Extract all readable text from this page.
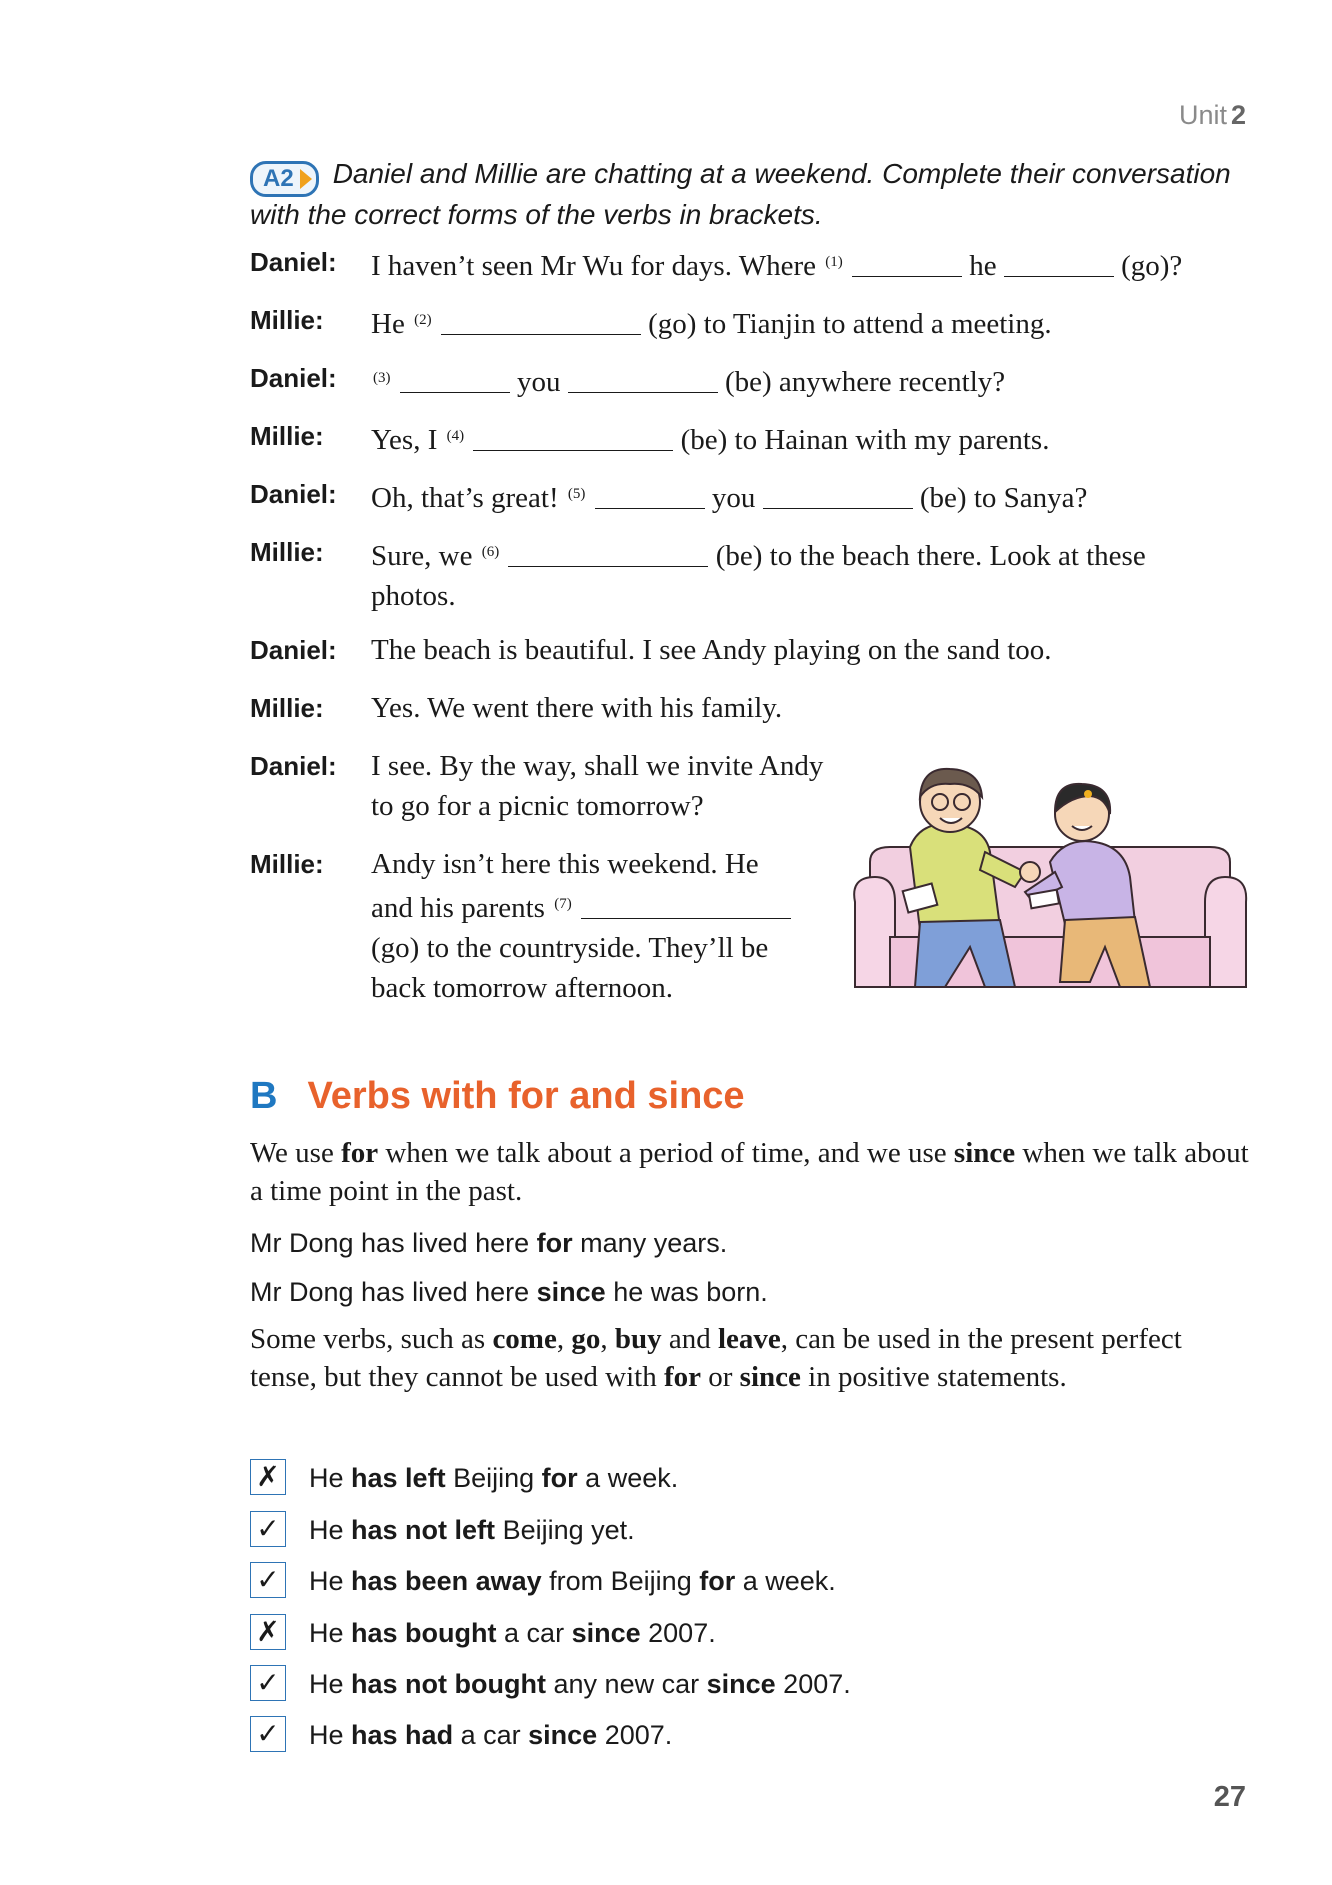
Unit 2
A2 Daniel and Millie are chatting at a weekend. Complete their conversation with the correct forms of the verbs in brackets.
Daniel: I haven’t seen Mr Wu for days. Where $^{(1)}$	he	(go)?
Millie: He $^{(2)}$	(go) to Tianjin to attend a meeting.
Daniel: $^{(3)}$	you	(be) anywhere recently?
Millie: Yes, I $^{(4)}$	(be) to Hainan with my parents.
Daniel: Oh, that’s great! $^{(5)}$	you	(be) to Sanya?
Millie: Sure, we $^{(6)}$	(be) to the beach there. Look at these
photos.
Daniel: The beach is beautiful. I see Andy playing on the sand too.
Millie: Yes. We went there with his family.
Daniel: I see. By the way, shall we invite Andy
to go for a picnic tomorrow?
Millie: Andy isn’t here this weekend. He
and his parents $^{(7)}$
(go) to the countryside. They’ll be
back tomorrow afternoon.
B Verbs with for and since
We use for when we talk about a period of time, and we use since when we talk about a time point in the past.
Mr Dong has lived here for many years.
Mr Dong has lived here since he was born.
Some verbs, such as come, go, buy and leave, can be used in the present perfect tense, but they cannot be used with for or since in positive statements.
✗ He has left Beijing for a week.
✓ He has not left Beijing yet.
✓ He has been away from Beijing for a week.
✗ He has bought a car since 2007.
✓ He has not bought any new car since 2007.
✓ He has had a car since 2007.
27
